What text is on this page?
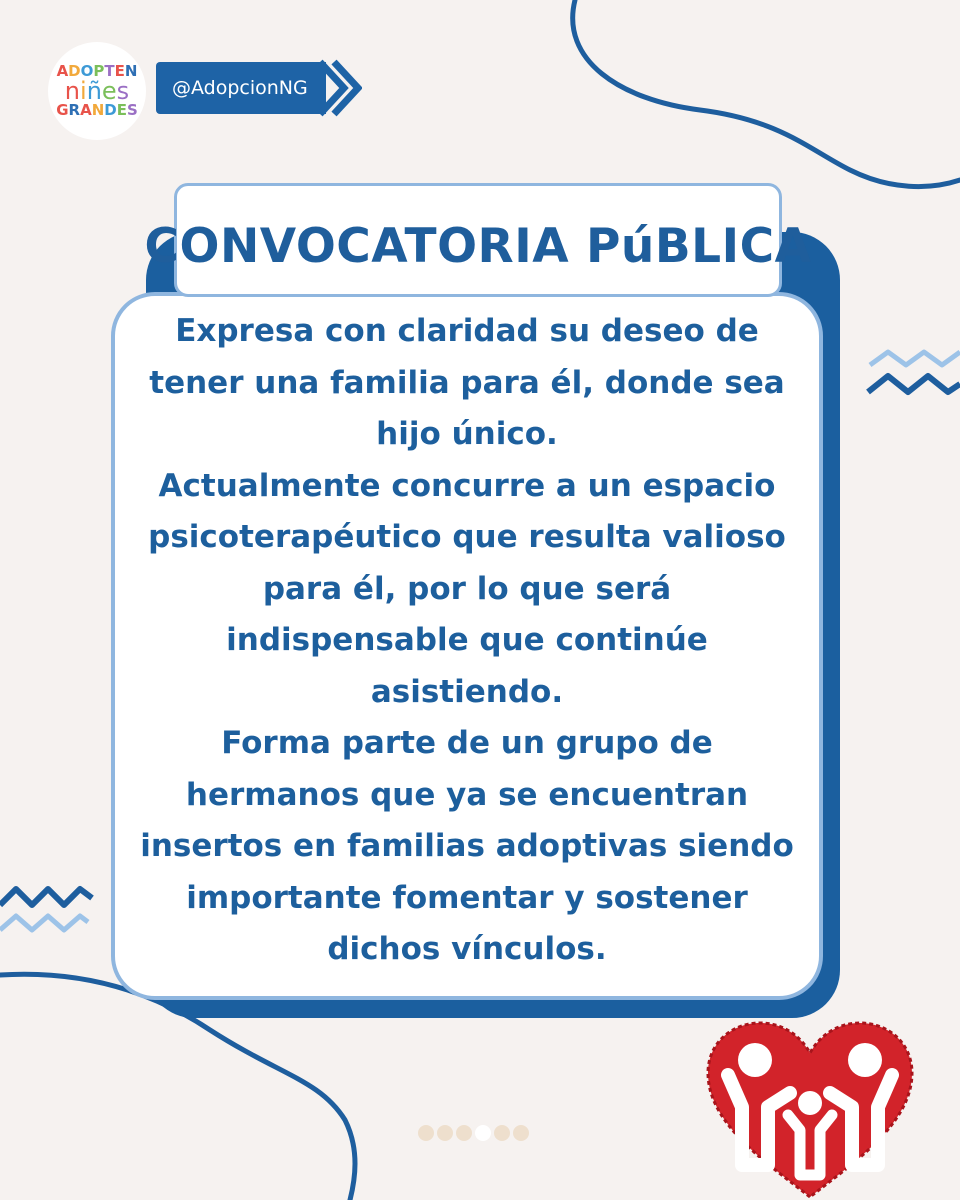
A D O P T E N
n i ñ e s
G R A N D E S
@AdopcionNG

Expresa con claridad su deseo de tener una familia para él, donde sea hijo único.

Actualmente concurre a un espacio psicoterapéutico que resulta valioso para él, por lo que será indispensable que continúe asistiendo.

Forma parte de un grupo de hermanos que ya se encuentran insertos en familias adoptivas siendo importante fomentar y sostener dichos vínculos.

CONVOCATORIA PúBLICA
